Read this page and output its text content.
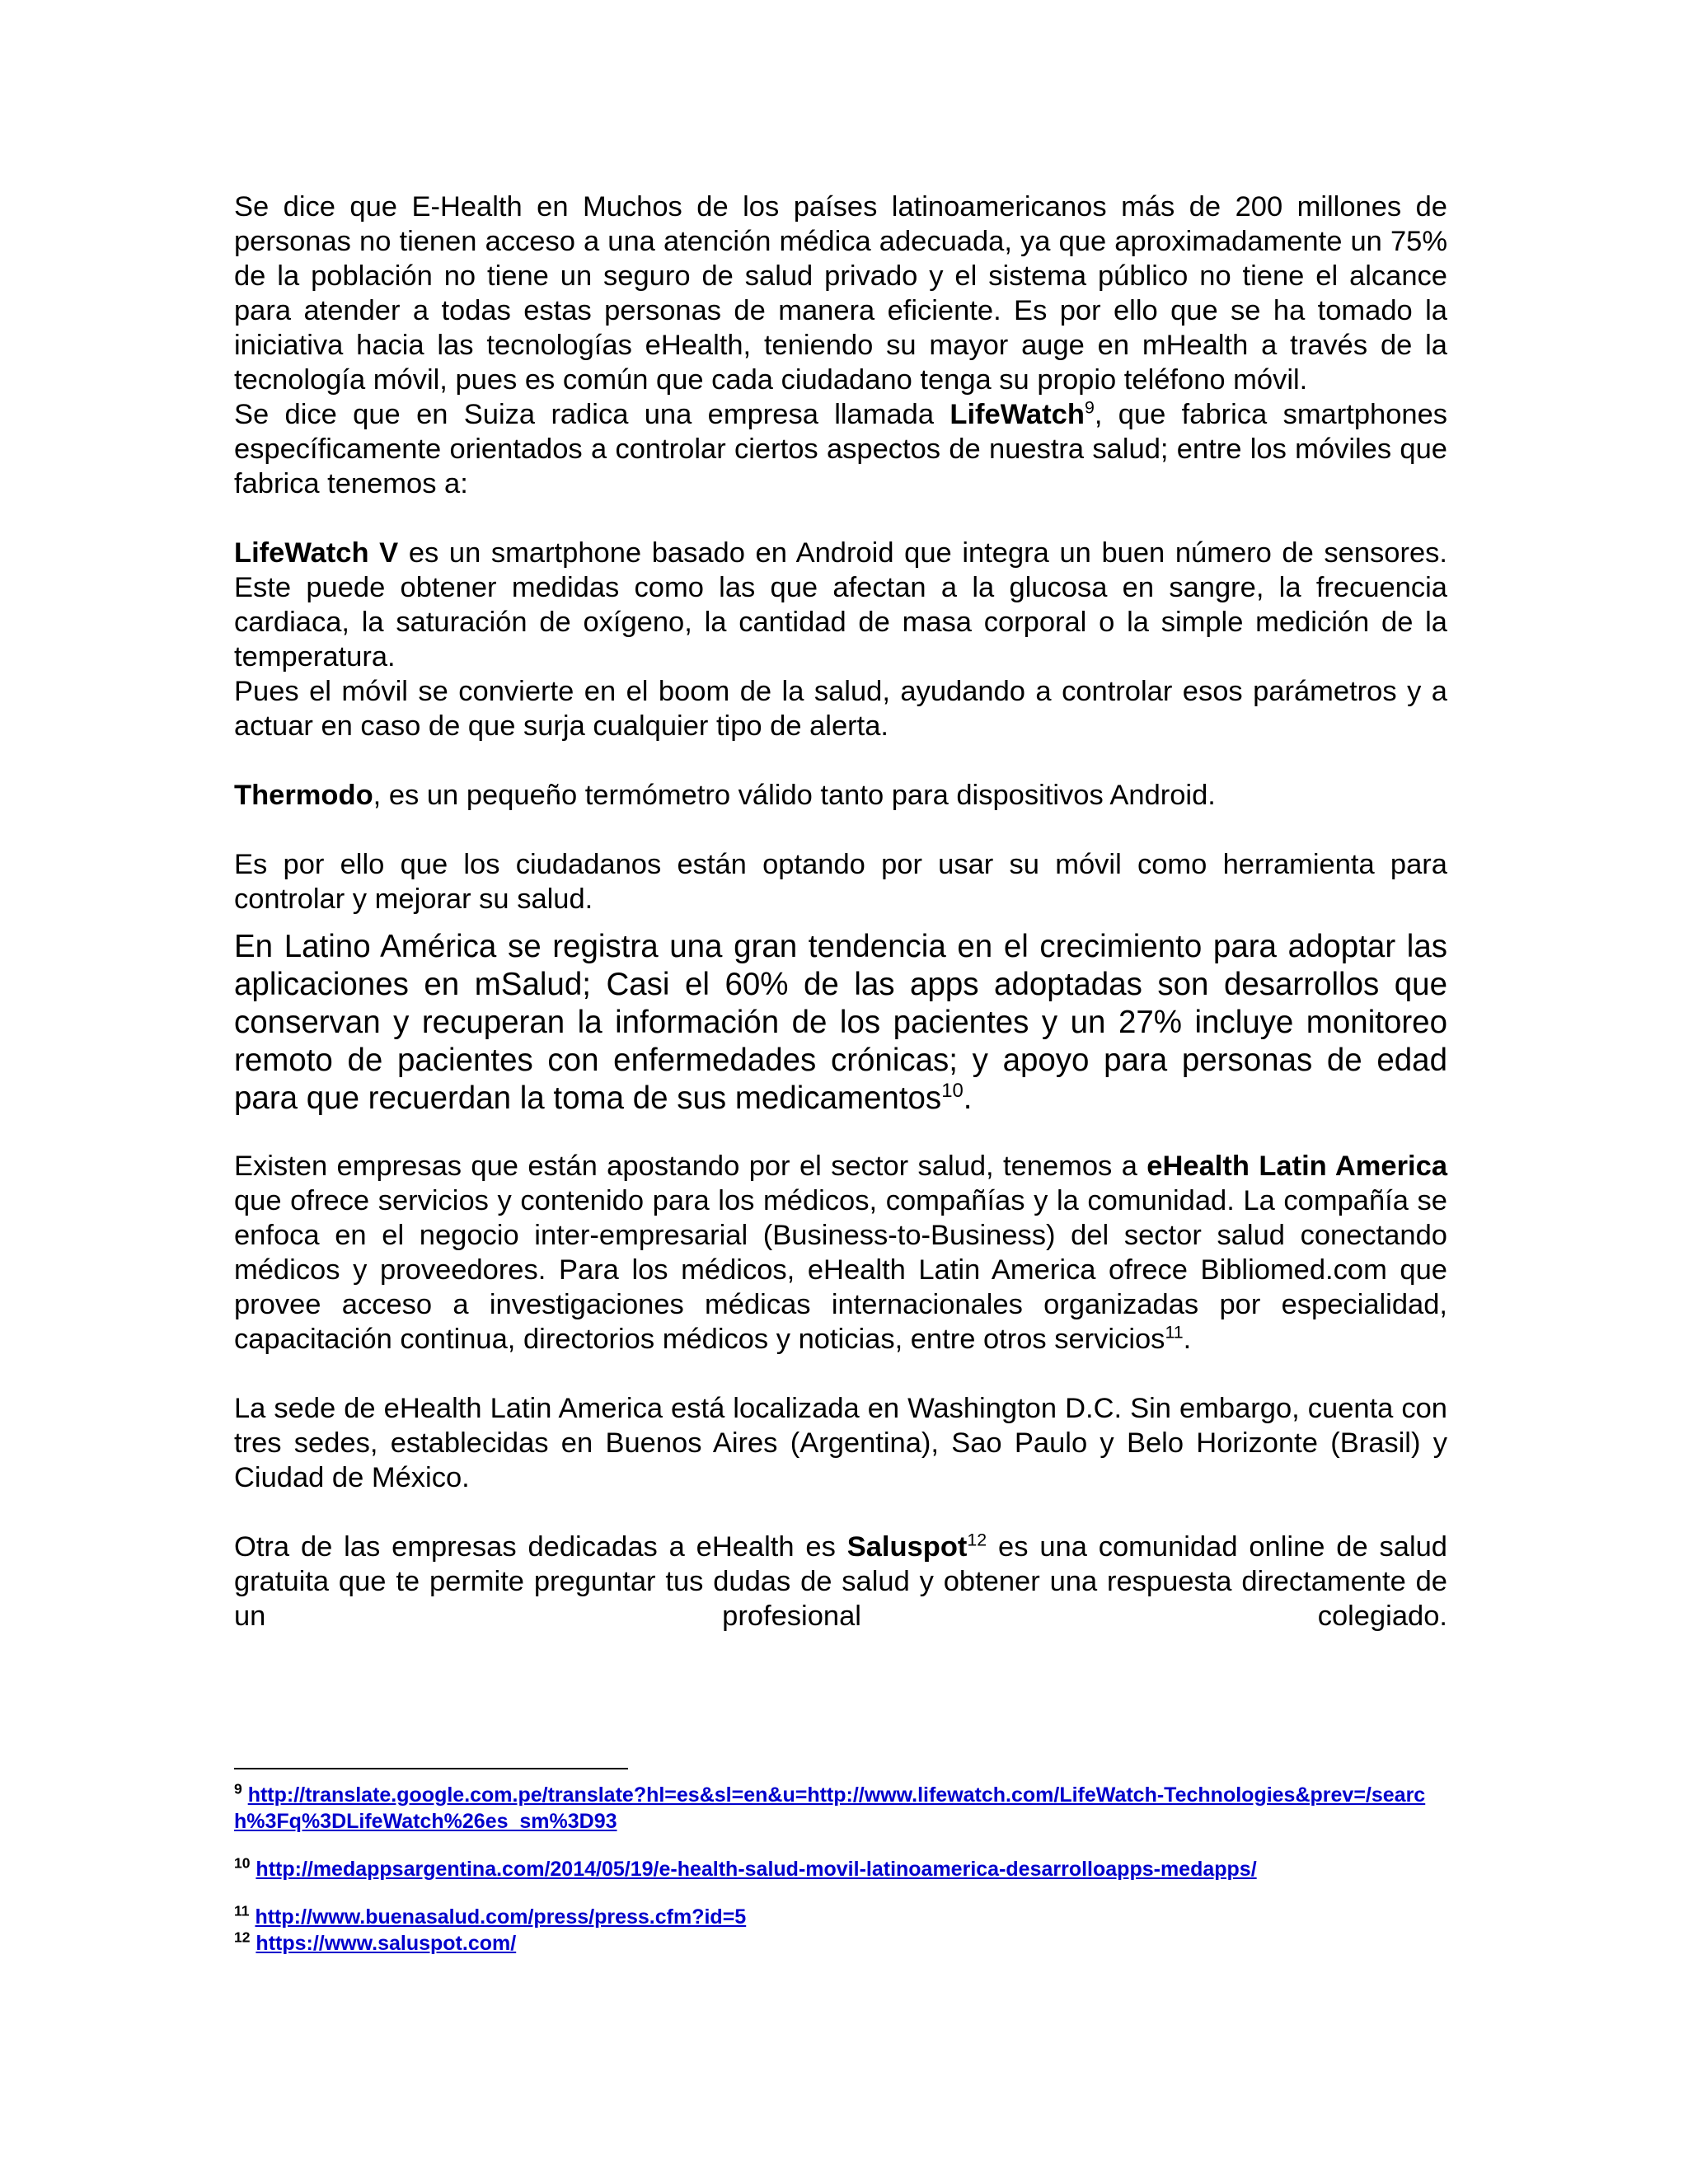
Se dice que E-Health en Muchos de los países latinoamericanos más de 200 millones de personas no tienen acceso a una atención médica adecuada, ya que aproximadamente un 75% de la población no tiene un seguro de salud privado y el sistema público no tiene el alcance para atender a todas estas personas de manera eficiente. Es por ello que se ha tomado la iniciativa hacia las tecnologías eHealth, teniendo su mayor auge en mHealth a través de la tecnología móvil, pues es común que cada ciudadano tenga su propio teléfono móvil.

Se dice que en Suiza radica una empresa llamada LifeWatch$^9$, que fabrica smartphones específicamente orientados a controlar ciertos aspectos de nuestra salud; entre los móviles que fabrica tenemos a:

LifeWatch V es un smartphone basado en Android que integra un buen número de sensores. Este puede obtener medidas como las que afectan a la glucosa en sangre, la frecuencia cardiaca, la saturación de oxígeno, la cantidad de masa corporal o la simple medición de la temperatura.

Pues el móvil se convierte en el boom de la salud, ayudando a controlar esos parámetros y a actuar en caso de que surja cualquier tipo de alerta.

Thermodo, es un pequeño termómetro válido tanto para dispositivos Android.

Es por ello que los ciudadanos están optando por usar su móvil como herramienta para controlar y mejorar su salud.

En Latino América se registra una gran tendencia en el crecimiento para adoptar las aplicaciones en mSalud; Casi el 60% de las apps adoptadas son desarrollos que conservan y recuperan la información de los pacientes y un 27% incluye monitoreo remoto de pacientes con enfermedades crónicas; y apoyo para personas de edad para que recuerdan la toma de sus medicamentos$^{10}$.

Existen empresas que están apostando por el sector salud, tenemos a eHealth Latin America que ofrece servicios y contenido para los médicos, compañías y la comunidad. La compañía se enfoca en el negocio inter-empresarial (Business-to-Business) del sector salud conectando médicos y proveedores. Para los médicos, eHealth Latin America ofrece Bibliomed.com que provee acceso a investigaciones médicas internacionales organizadas por especialidad, capacitación continua, directorios médicos y noticias, entre otros servicios$^{11}$.

La sede de eHealth Latin America está localizada en Washington D.C. Sin embargo, cuenta con tres sedes, establecidas en Buenos Aires (Argentina), Sao Paulo y Belo Horizonte (Brasil) y Ciudad de México.

Otra de las empresas dedicadas a eHealth es Saluspot$^{12}$ es una comunidad online de salud gratuita que te permite preguntar tus dudas de salud y obtener una respuesta directamente de un profesional colegiado.

$^9$ http://translate.google.com.pe/translate?hl=es&sl=en&u=http://www.lifewatch.com/LifeWatch-Technologies&prev=/search%3Fq%3DLifeWatch%26es_sm%3D93

$^{10}$ http://medappsargentina.com/2014/05/19/e-health-salud-movil-latinoamerica-desarrolloapps-medapps/

$^{11}$ http://www.buenasalud.com/press/press.cfm?id=5

$^{12}$ https://www.saluspot.com/
